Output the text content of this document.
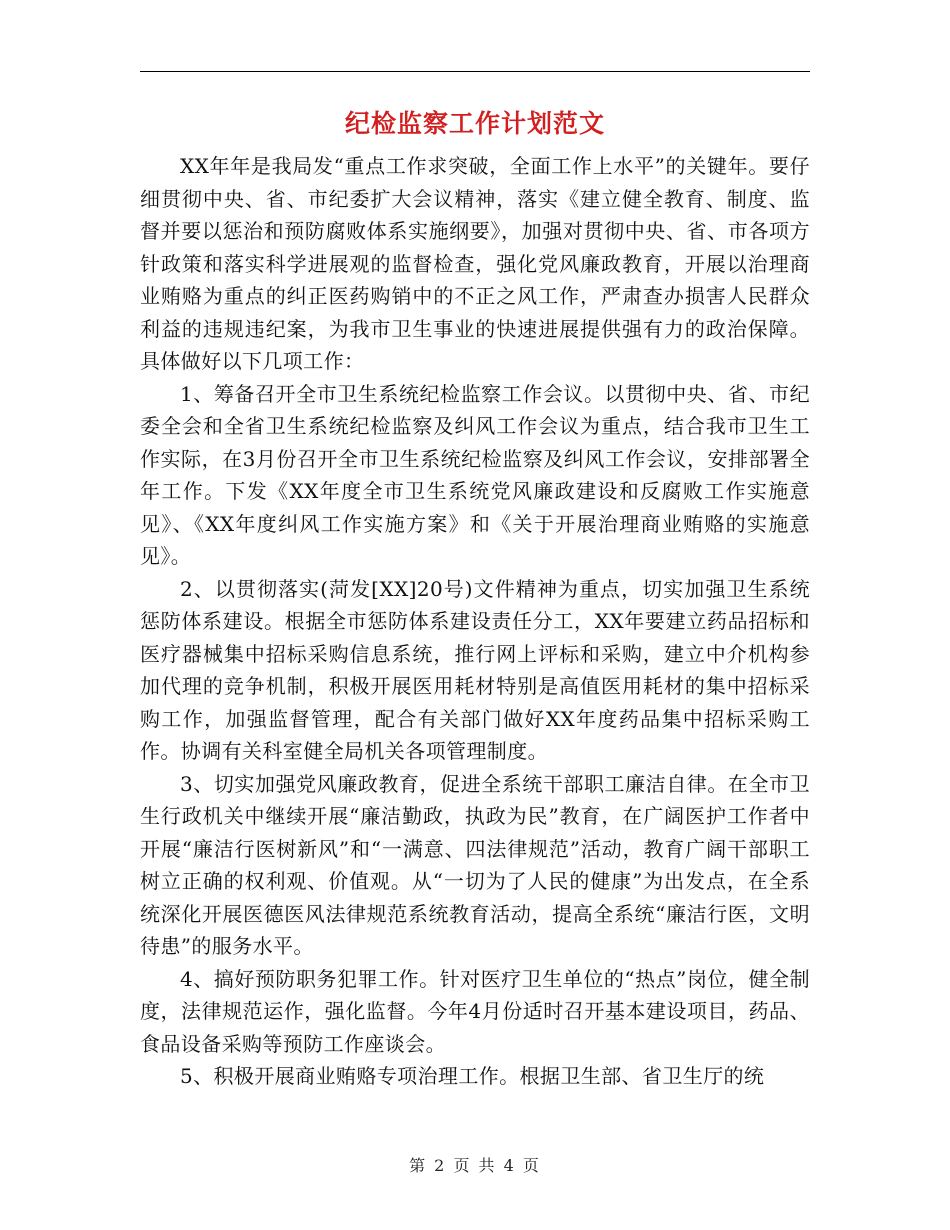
纪检监察工作计划范文

XX年年是我局发“重点工作求突破，全面工作上水平”的关键年。要仔细贯彻中央、省、市纪委扩大会议精神，落实《建立健全教育、制度、监督并要以惩治和预防腐败体系实施纲要》，加强对贯彻中央、省、市各项方针政策和落实科学进展观的监督检查，强化党风廉政教育，开展以治理商业贿赂为重点的纠正医药购销中的不正之风工作，严肃查办损害人民群众利益的违规违纪案，为我市卫生事业的快速进展提供强有力的政治保障。具体做好以下几项工作：

1、筹备召开全市卫生系统纪检监察工作会议。以贯彻中央、省、市纪委全会和全省卫生系统纪检监察及纠风工作会议为重点，结合我市卫生工作实际，在3月份召开全市卫生系统纪检监察及纠风工作会议，安排部署全年工作。下发《XX年度全市卫生系统党风廉政建设和反腐败工作实施意见》、《XX年度纠风工作实施方案》和《关于开展治理商业贿赂的实施意见》。

2、以贯彻落实(菏发[XX]20号)文件精神为重点，切实加强卫生系统惩防体系建设。根据全市惩防体系建设责任分工，XX年要建立药品招标和医疗器械集中招标采购信息系统，推行网上评标和采购，建立中介机构参加代理的竞争机制，积极开展医用耗材特别是高值医用耗材的集中招标采购工作，加强监督管理，配合有关部门做好XX年度药品集中招标采购工作。协调有关科室健全局机关各项管理制度。

3、切实加强党风廉政教育，促进全系统干部职工廉洁自律。在全市卫生行政机关中继续开展“廉洁勤政，执政为民”教育，在广阔医护工作者中开展“廉洁行医树新风”和“一满意、四法律规范”活动，教育广阔干部职工树立正确的权利观、价值观。从“一切为了人民的健康”为出发点，在全系统深化开展医德医风法律规范系统教育活动，提高全系统“廉洁行医，文明待患”的服务水平。

4、搞好预防职务犯罪工作。针对医疗卫生单位的“热点”岗位，健全制度，法律规范运作，强化监督。今年4月份适时召开基本建设项目，药品、食品设备采购等预防工作座谈会。

5、积极开展商业贿赂专项治理工作。根据卫生部、省卫生厅的统

第 2 页 共 4 页
